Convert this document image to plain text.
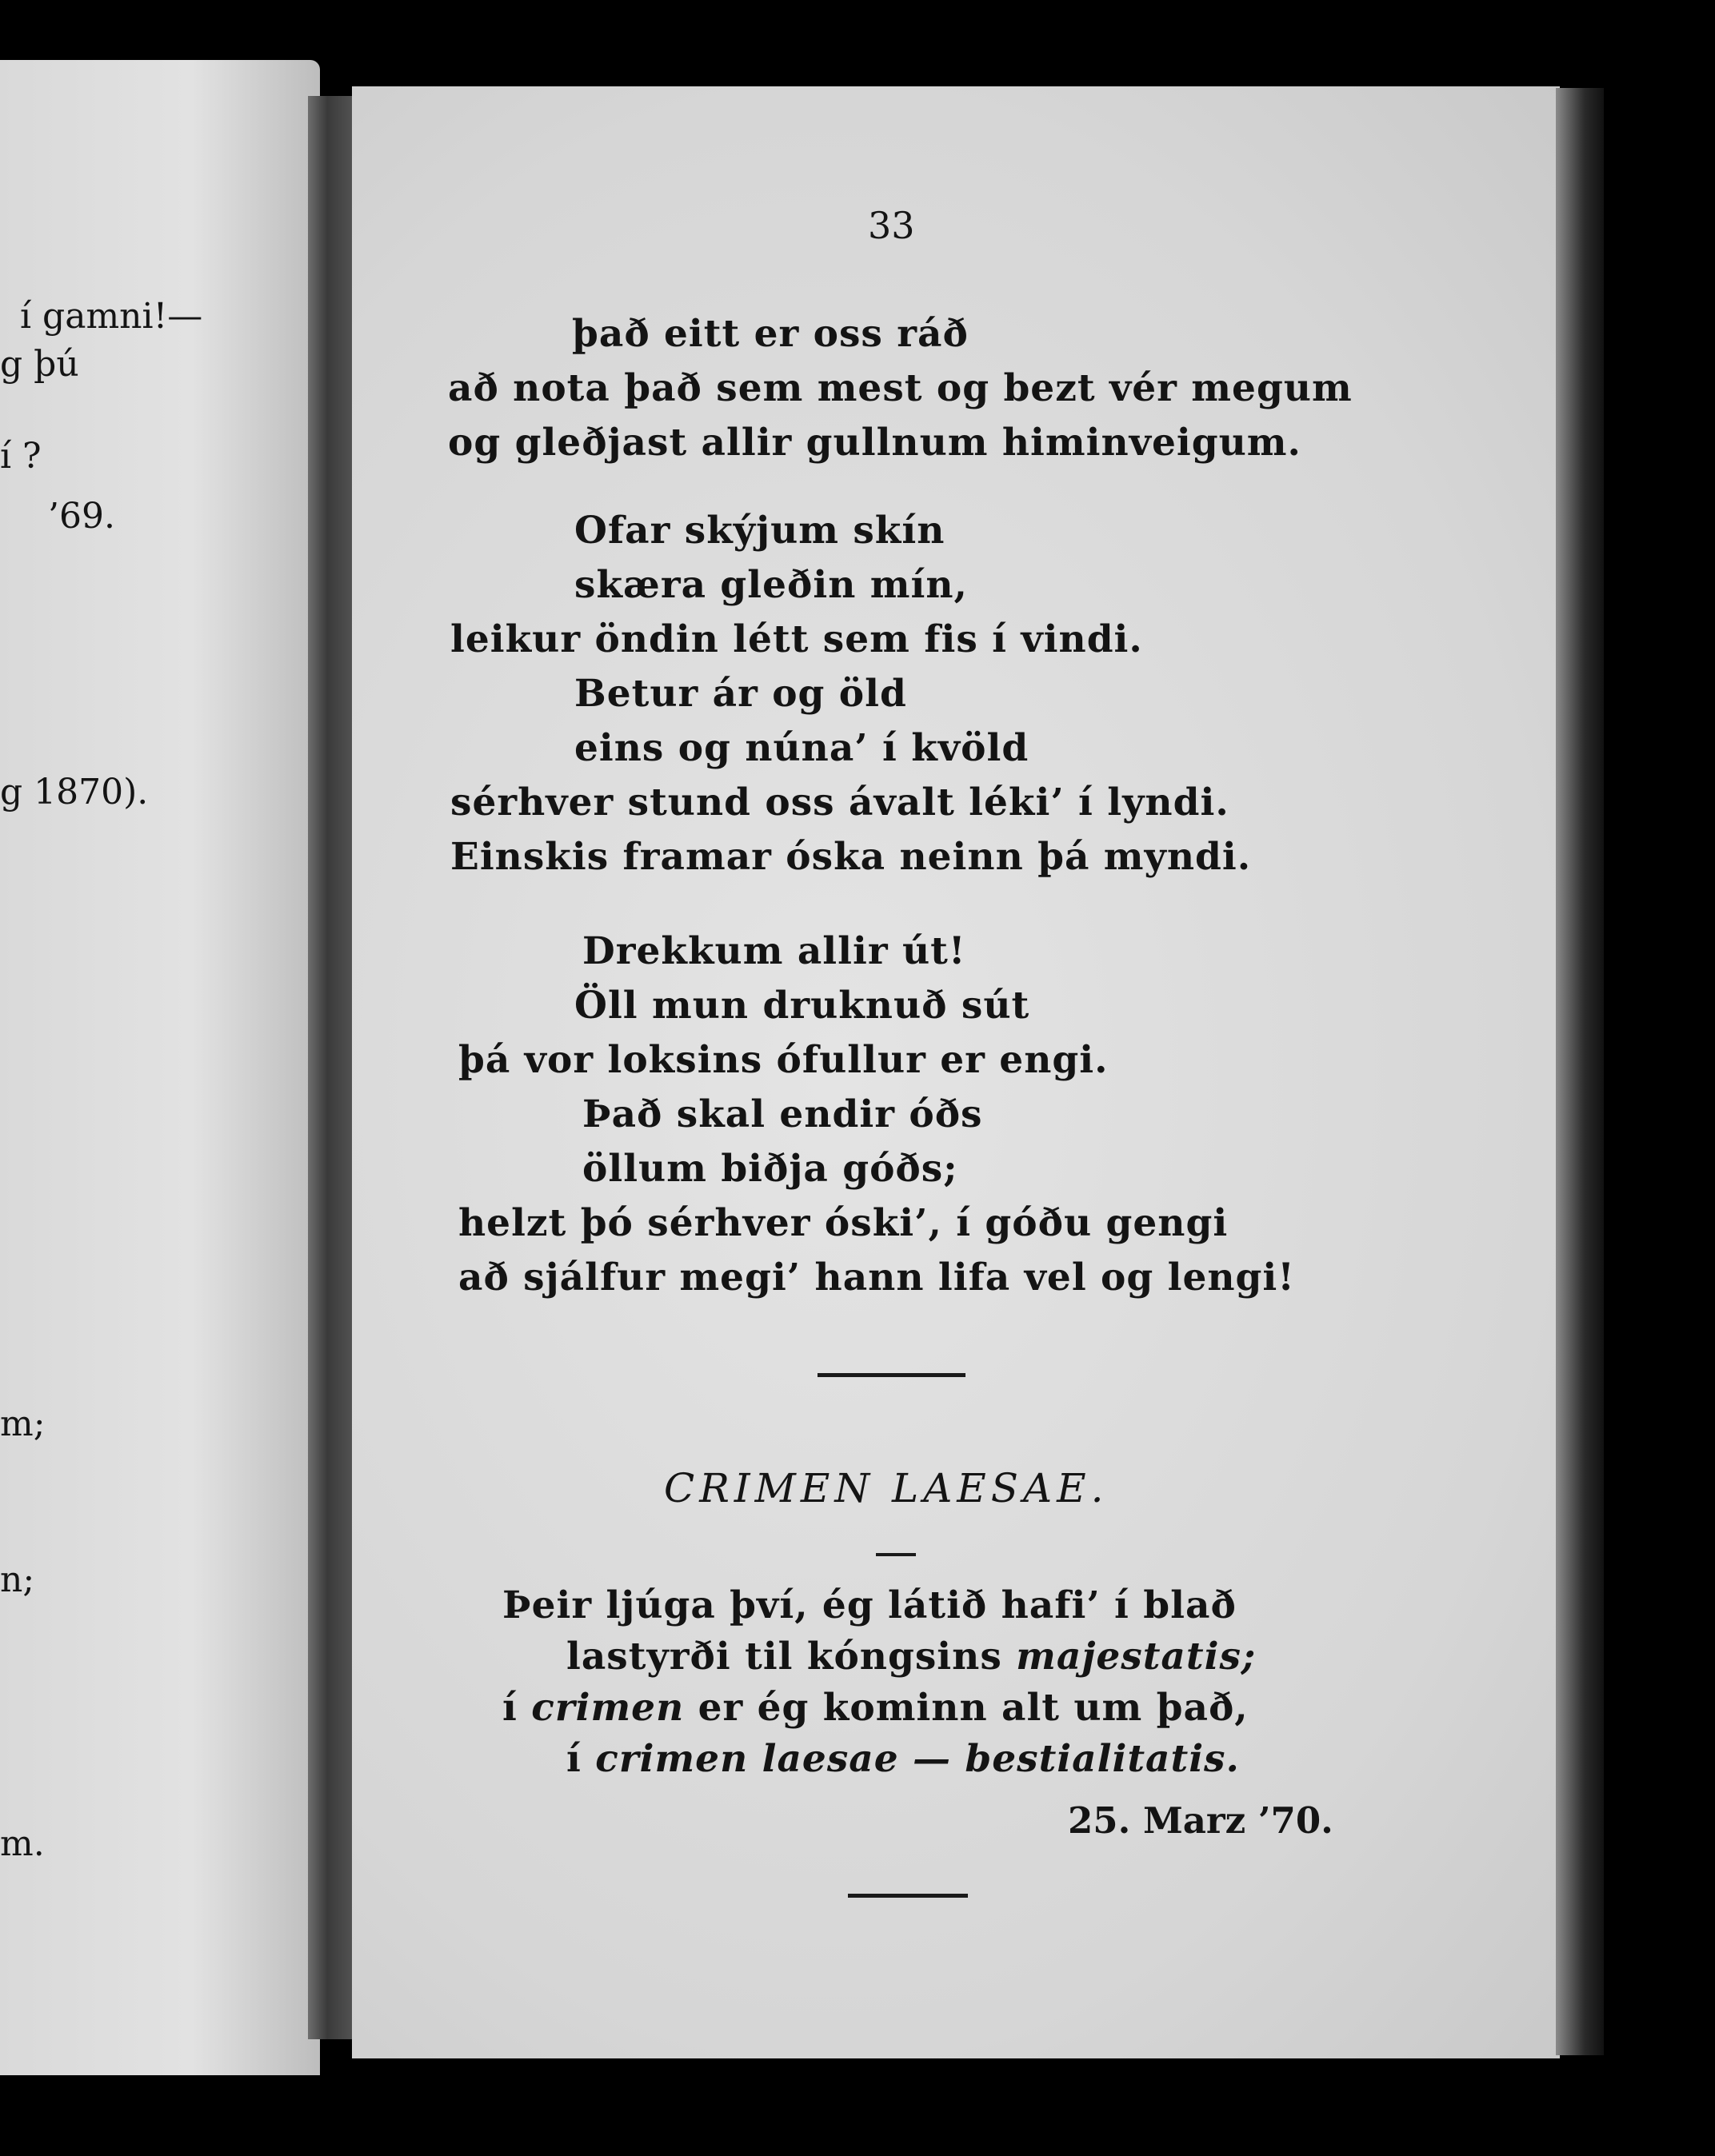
í gamni!—
g þú
í ?
’69.
g 1870).
m;
n;
m.
33
það eitt er oss ráð
að nota það sem mest og bezt vér megum
og gleðjast allir gullnum himinveigum.
Ofar skýjum skín
skæra gleðin mín,
leikur öndin létt sem fis í vindi.
Betur ár og öld
eins og núna’ í kvöld
sérhver stund oss ávalt léki’ í lyndi.
Einskis framar óska neinn þá myndi.
Drekkum allir út!
Öll mun druknuð sút
þá vor loksins ófullur er engi.
Það skal endir óðs
öllum biðja góðs;
helzt þó sérhver óski’, í góðu gengi
að sjálfur megi’ hann lifa vel og lengi!
CRIMEN LAESAE.
Þeir ljúga því, ég látið hafi’ í blað
lastyrði til kóngsins majestatis;
í crimen er ég kominn alt um það,
í crimen laesae — bestialitatis.
25. Marz ’70.
